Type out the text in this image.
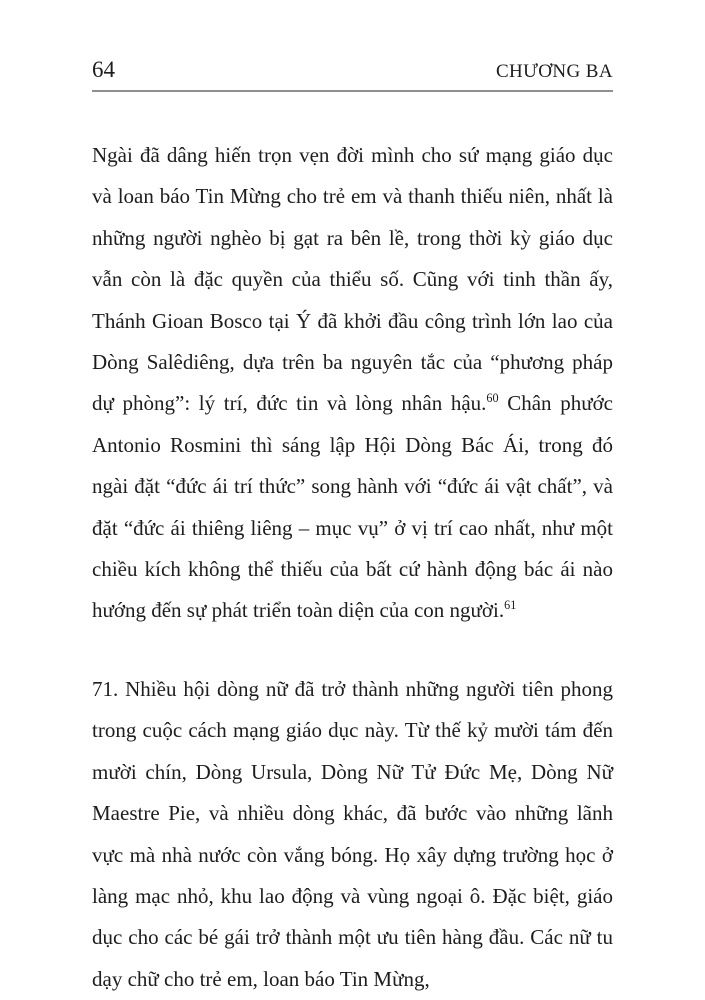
64	CHƯƠNG BA

Ngài đã dâng hiến trọn vẹn đời mình cho sứ mạng giáo dục và loan báo Tin Mừng cho trẻ em và thanh thiếu niên, nhất là những người nghèo bị gạt ra bên lề, trong thời kỳ giáo dục vẫn còn là đặc quyền của thiểu số. Cũng với tinh thần ấy, Thánh Gioan Bosco tại Ý đã khởi đầu công trình lớn lao của Dòng Salêdiêng, dựa trên ba nguyên tắc của “phương pháp dự phòng”: lý trí, đức tin và lòng nhân hậu.$^{60}$ Chân phước Antonio Rosmini thì sáng lập Hội Dòng Bác Ái, trong đó ngài đặt “đức ái trí thức” song hành với “đức ái vật chất”, và đặt “đức ái thiêng liêng – mục vụ” ở vị trí cao nhất, như một chiều kích không thể thiếu của bất cứ hành động bác ái nào hướng đến sự phát triển toàn diện của con người.$^{61}$

71. Nhiều hội dòng nữ đã trở thành những người tiên phong trong cuộc cách mạng giáo dục này. Từ thế kỷ mười tám đến mười chín, Dòng Ursula, Dòng Nữ Tử Đức Mẹ, Dòng Nữ Maestre Pie, và nhiều dòng khác, đã bước vào những lãnh vực mà nhà nước còn vắng bóng. Họ xây dựng trường học ở làng mạc nhỏ, khu lao động và vùng ngoại ô. Đặc biệt, giáo dục cho các bé gái trở thành một ưu tiên hàng đầu. Các nữ tu dạy chữ cho trẻ em, loan báo Tin Mừng,
